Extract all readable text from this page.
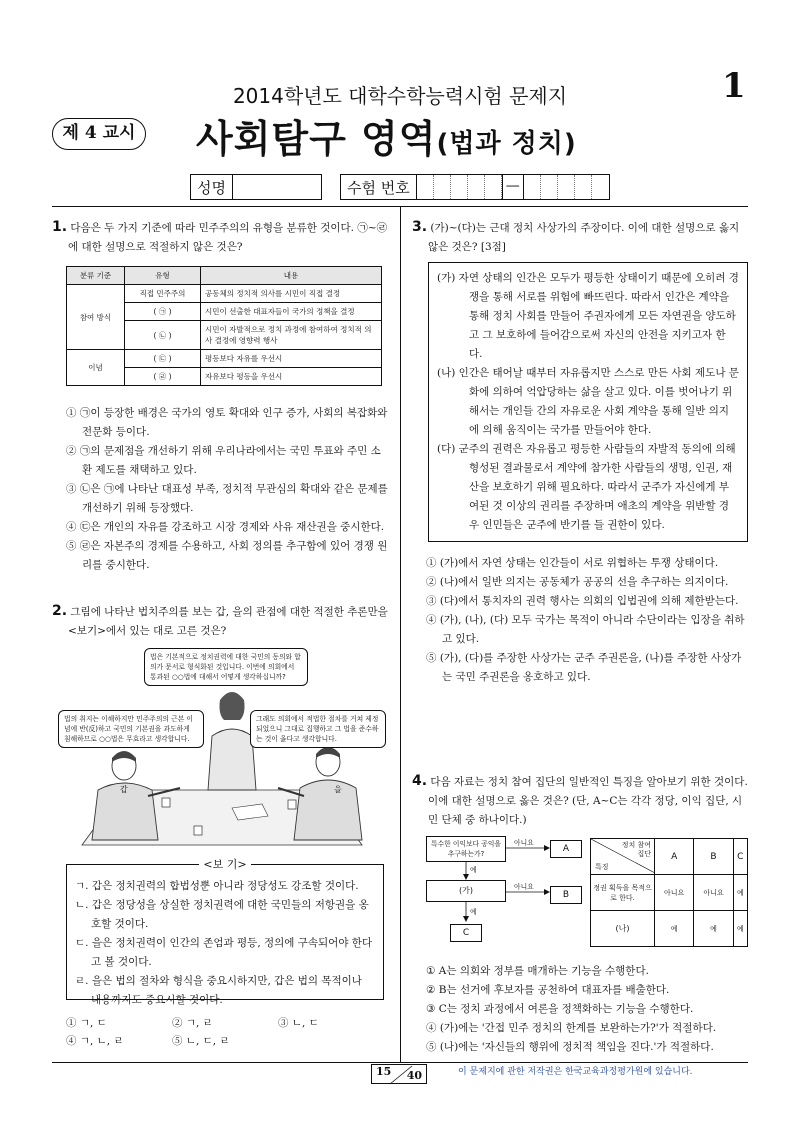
2014학년도 대학수학능력시험 문제지	1
제 4 교시 사회탐구 영역(법과 정치)
성명	수험 번호	—
1. 다음은 두 가지 기준에 따라 민주주의의 유형을 분류한 것이다. ㉠~㉣에 대한 설명으로 적절하지 않은 것은?
분류 기준	유형	내용
참여 방식	직접 민주주의	공동체의 정치적 의사를 시민이 직접 결정
	( ㉠ )	시민이 선출한 대표자들이 국가의 정책을 결정
	( ㉡ )	시민이 자발적으로 정치 과정에 참여하여 정치적 의사 결정에 영향력 행사
이념	( ㉢ )	평등보다 자유를 우선시
	( ㉣ )	자유보다 평등을 우선시
① ㉠이 등장한 배경은 국가의 영토 확대와 인구 증가, 사회의 복잡화와 전문화 등이다.
② ㉠의 문제점을 개선하기 위해 우리나라에서는 국민 투표와 주민 소환 제도를 채택하고 있다.
③ ㉡은 ㉠에 나타난 대표성 부족, 정치적 무관심의 확대와 같은 문제를 개선하기 위해 등장했다.
④ ㉢은 개인의 자유를 강조하고 시장 경제와 사유 재산권을 중시한다.
⑤ ㉣은 자본주의 경제를 수용하고, 사회 정의를 추구함에 있어 경쟁 원리를 중시한다.
2. 그림에 나타난 법치주의를 보는 갑, 을의 관점에 대한 적절한 추론만을 <보기>에서 있는 대로 고른 것은?
법은 기본적으로 정치권력에 대한 국민의 동의와 합의가 문서로 형식화된 것입니다. 이번에 의회에서 통과된 ○○법에 대해서 어떻게 생각하십니까?
법의 취지는 이해하지만 민주주의의 근본 이념에 반(反)하고 국민의 기본권을 과도하게 침해하므로 ○○법은 무효라고 생각합니다.
그래도 의회에서 적법한 절차를 거쳐 제정되었으니 그대로 집행하고 그 법을 준수하는 것이 옳다고 생각합니다.
갑	을
ㄱ. 갑은 정치권력의 합법성뿐 아니라 정당성도 강조할 것이다.
ㄴ. 갑은 정당성을 상실한 정치권력에 대한 국민들의 저항권을 옹호할 것이다.
ㄷ. 을은 정치권력이 인간의 존엄과 평등, 정의에 구속되어야 한다고 볼 것이다.
ㄹ. 을은 법의 절차와 형식을 중요시하지만, 갑은 법의 목적이나 내용까지도 중요시할 것이다.
<보 기>
① ㄱ, ㄷ	② ㄱ, ㄹ	③ ㄴ, ㄷ
④ ㄱ, ㄴ, ㄹ	⑤ ㄴ, ㄷ, ㄹ
3. (가)~(다)는 근대 정치 사상가의 주장이다. 이에 대한 설명으로 옳지 않은 것은? [3점]
(가) 자연 상태의 인간은 모두가 평등한 상태이기 때문에 오히려 경쟁을 통해 서로를 위험에 빠뜨린다. 따라서 인간은 계약을 통해 정치 사회를 만들어 주권자에게 모든 자연권을 양도하고 그 보호하에 들어감으로써 자신의 안전을 지키고자 한다.
(나) 인간은 태어날 때부터 자유롭지만 스스로 만든 사회 제도나 문화에 의하여 억압당하는 삶을 살고 있다. 이를 벗어나기 위해서는 개인들 간의 자유로운 사회 계약을 통해 일반 의지에 의해 움직이는 국가를 만들어야 한다.
(다) 군주의 권력은 자유롭고 평등한 사람들의 자발적 동의에 의해 형성된 결과물로서 계약에 참가한 사람들의 생명, 인권, 재산을 보호하기 위해 필요하다. 따라서 군주가 자신에게 부여된 것 이상의 권리를 주장하며 애초의 계약을 위반할 경우 인민들은 군주에 반기를 들 권한이 있다.
① (가)에서 자연 상태는 인간들이 서로 위협하는 투쟁 상태이다.
② (나)에서 일반 의지는 공동체가 공공의 선을 추구하는 의지이다.
③ (다)에서 통치자의 권력 행사는 의회의 입법권에 의해 제한받는다.
④ (가), (나), (다) 모두 국가는 목적이 아니라 수단이라는 입장을 취하고 있다.
⑤ (가), (다)를 주장한 사상가는 군주 주권론을, (나)를 주장한 사상가는 국민 주권론을 옹호하고 있다.
4. 다음 자료는 정치 참여 집단의 일반적인 특징을 알아보기 위한 것이다. 이에 대한 설명으로 옳은 것은? (단, A~C는 각각 정당, 이익 집단, 시민 단체 중 하나이다.)
특수한 이익보다 공익을 추구하는가?
(가)
A
B
C
아니요
아니요
예
예
정치 참여 집단
특징	A	B	C
정권 획득을 목적으로 한다.	아니요	아니요	예
(나)	예	예	예
① A는 의회와 정부를 매개하는 기능을 수행한다.
② B는 선거에 후보자를 공천하여 대표자를 배출한다.
③ C는 정치 과정에서 여론을 정책화하는 기능을 수행한다.
④ (가)에는 '간접 민주 정치의 한계를 보완하는가?'가 적절하다.
⑤ (나)에는 '자신들의 행위에 정치적 책임을 진다.'가 적절하다.
15 40	이 문제지에 관한 저작권은 한국교육과정평가원에 있습니다.
